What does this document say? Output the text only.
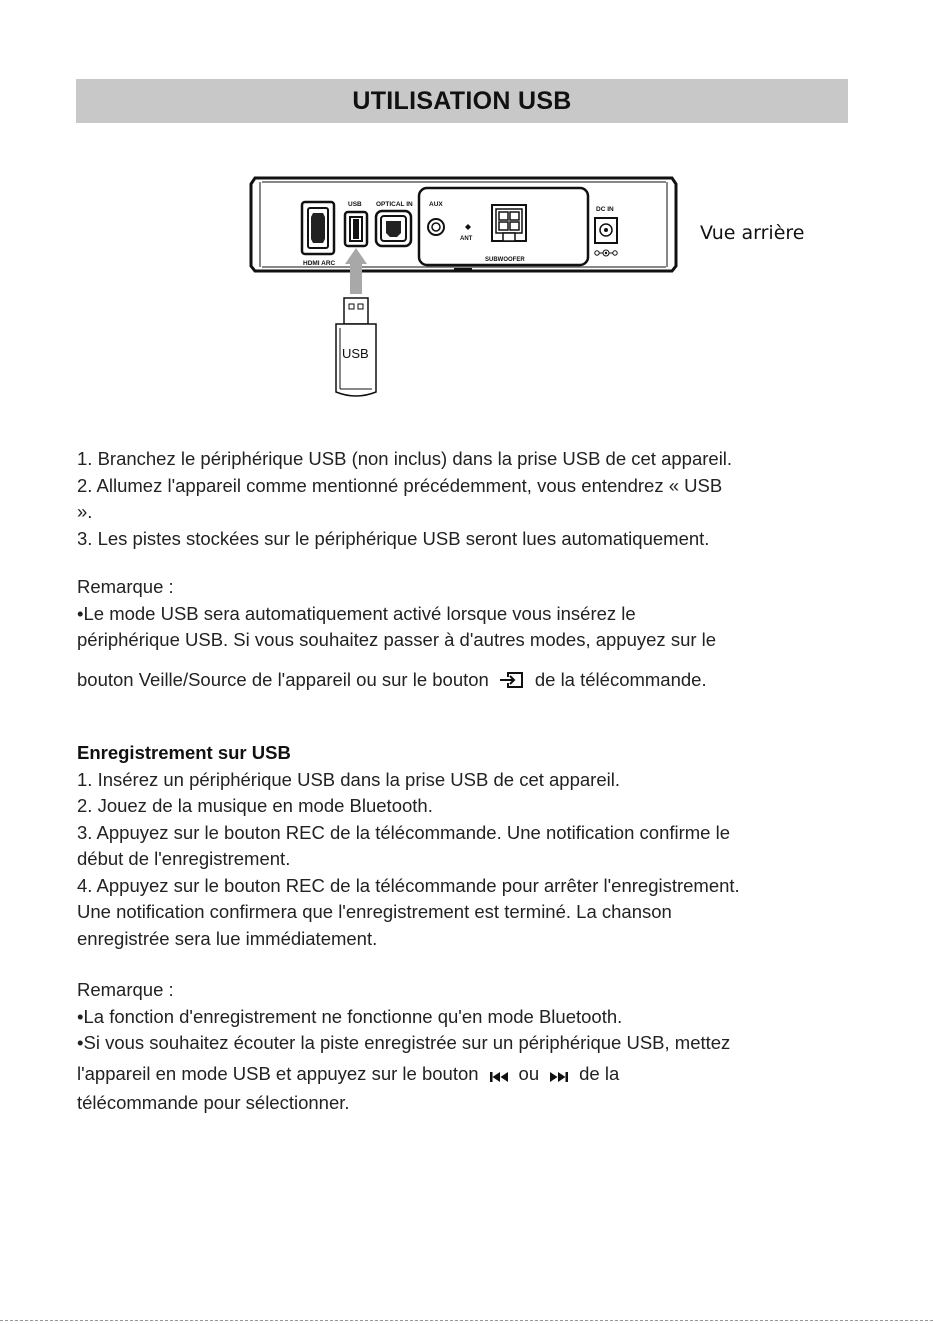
UTILISATION USB
HDMI ARC
USB OPTICAL IN	AUX
ANT
SUBWOOFER
DC IN
USB
Vue arrière

1. Branchez le périphérique USB (non inclus) dans la prise USB de cet appareil.

2. Allumez l'appareil comme mentionné précédemment, vous entendrez « USB

».

3. Les pistes stockées sur le périphérique USB seront lues automatiquement.

Remarque :

•Le mode USB sera automatiquement activé lorsque vous insérez le

périphérique USB. Si vous souhaitez passer à d'autres modes, appuyez sur le

bouton Veille/Source de l'appareil ou sur le bouton de la télécommande.

Enregistrement sur USB

1. Insérez un périphérique USB dans la prise USB de cet appareil.

2. Jouez de la musique en mode Bluetooth.

3. Appuyez sur le bouton REC de la télécommande. Une notification confirme le

début de l'enregistrement.

4. Appuyez sur le bouton REC de la télécommande pour arrêter l'enregistrement.

Une notification confirmera que l'enregistrement est terminé. La chanson

enregistrée sera lue immédiatement.

Remarque :

•La fonction d'enregistrement ne fonctionne qu'en mode Bluetooth.

•Si vous souhaitez écouter la piste enregistrée sur un périphérique USB, mettez

l'appareil en mode USB et appuyez sur le bouton ou de la

télécommande pour sélectionner.
